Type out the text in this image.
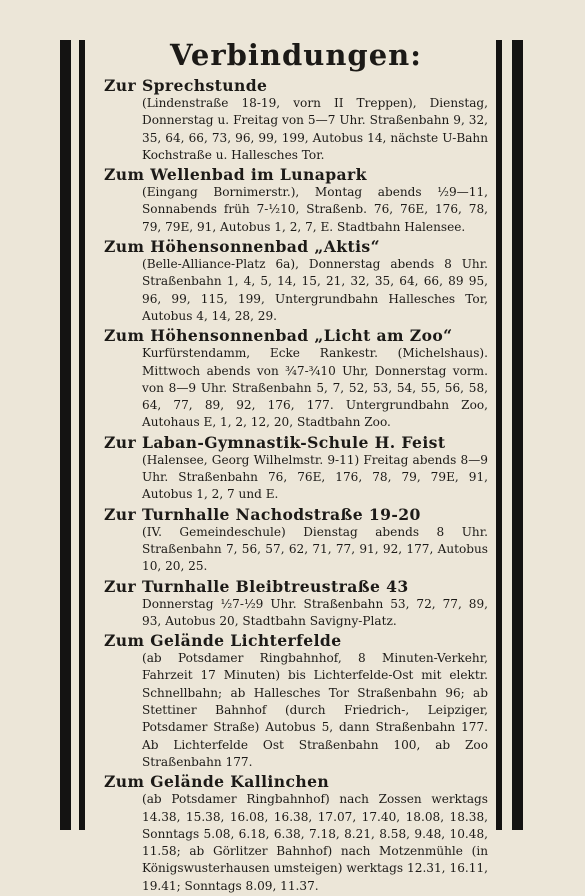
Verbindungen:
Zur Sprechstunde

(Lindenstraße 18-19, vorn II Treppen), Dienstag, Donnerstag u. Freitag von 5—7 Uhr. Straßenbahn 9, 32, 35, 64, 66, 73, 96, 99, 199, Autobus 14, nächste U-Bahn Kochstraße u. Hallesches Tor.

Zum Wellenbad im Lunapark

(Eingang Bornimerstr.), Montag abends ½9—11, Sonnabends früh 7-½10, Straßenb. 76, 76E, 176, 78, 79, 79E, 91, Autobus 1, 2, 7, E. Stadtbahn Halensee.

Zum Höhensonnenbad „Aktis“

(Belle-Alliance-Platz 6a), Donnerstag abends 8 Uhr. Straßenbahn 1, 4, 5, 14, 15, 21, 32, 35, 64, 66, 89 95, 96, 99, 115, 199, Untergrundbahn Hallesches Tor, Autobus 4, 14, 28, 29.

Zum Höhensonnenbad „Licht am Zoo“

Kurfürstendamm, Ecke Rankestr. (Michelshaus). Mittwoch abends von ¾7-¾10 Uhr, Donnerstag vorm. von 8—9 Uhr. Straßenbahn 5, 7, 52, 53, 54, 55, 56, 58, 64, 77, 89, 92, 176, 177. Untergrundbahn Zoo, Autohaus E, 1, 2, 12, 20, Stadtbahn Zoo.

Zur Laban-Gymnastik-Schule H. Feist

(Halensee, Georg Wilhelmstr. 9-11) Freitag abends 8—9 Uhr. Straßenbahn 76, 76E, 176, 78, 79, 79E, 91, Autobus 1, 2, 7 und E.

Zur Turnhalle Nachodstraße 19-20

(IV. Gemeindeschule) Dienstag abends 8 Uhr. Straßenbahn 7, 56, 57, 62, 71, 77, 91, 92, 177, Autobus 10, 20, 25.

Zur Turnhalle Bleibtreustraße 43

Donnerstag ½7-½9 Uhr. Straßenbahn 53, 72, 77, 89, 93, Autobus 20, Stadtbahn Savigny-Platz.

Zum Gelände Lichterfelde

(ab Potsdamer Ringbahnhof, 8 Minuten-Verkehr, Fahrzeit 17 Minuten) bis Lichterfelde-Ost mit elektr. Schnellbahn; ab Hallesches Tor Straßenbahn 96; ab Stettiner Bahnhof (durch Friedrich-, Leipziger, Potsdamer Straße) Autobus 5, dann Straßenbahn 177. Ab Lichterfelde Ost Straßenbahn 100, ab Zoo Straßenbahn 177.

Zum Gelände Kallinchen

(ab Potsdamer Ringbahnhof) nach Zossen werktags 14.38, 15.38, 16.08, 16.38, 17.07, 17.40, 18.08, 18.38, Sonntags 5.08, 6.18, 6.38, 7.18, 8.21, 8.58, 9.48, 10.48, 11.58; ab Görlitzer Bahnhof) nach Motzenmühle (in Königswusterhausen umsteigen) werktags 12.31, 16.11, 19.41; Sonntags 8.09, 11.37.
